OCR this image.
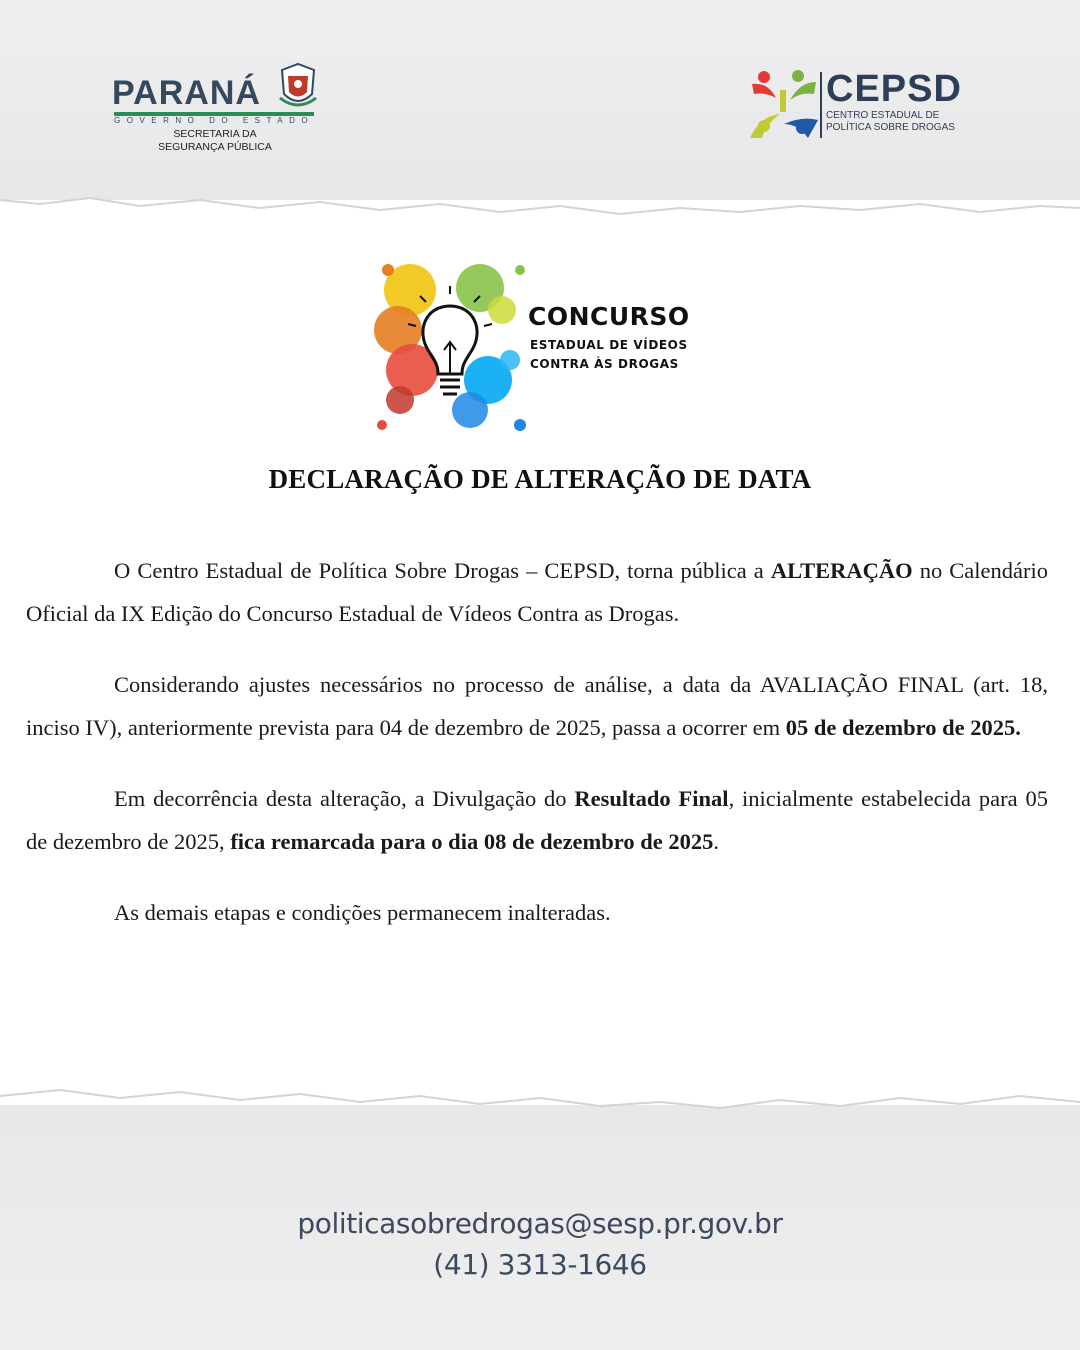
PARANÁ
GOVERNO DO ESTADO
SECRETARIA DA
SEGURANÇA PÚBLICA
CEPSD
CENTRO ESTADUAL DE
POLÍTICA SOBRE DROGAS
CONCURSO
ESTADUAL DE VÍDEOS
CONTRA ÀS DROGAS
DECLARAÇÃO DE ALTERAÇÃO DE DATA

O Centro Estadual de Política Sobre Drogas – CEPSD, torna pública a ALTERAÇÃO no Calendário Oficial da IX Edição do Concurso Estadual de Vídeos Contra as Drogas.

Considerando ajustes necessários no processo de análise, a data da AVALIAÇÃO FINAL (art. 18, inciso IV), anteriormente prevista para 04 de dezembro de 2025, passa a ocorrer em 05 de dezembro de 2025.

Em decorrência desta alteração, a Divulgação do Resultado Final, inicialmente estabelecida para 05 de dezembro de 2025, fica remarcada para o dia 08 de dezembro de 2025.

As demais etapas e condições permanecem inalteradas.

politicasobredrogas@sesp.pr.gov.br
(41) 3313-1646
